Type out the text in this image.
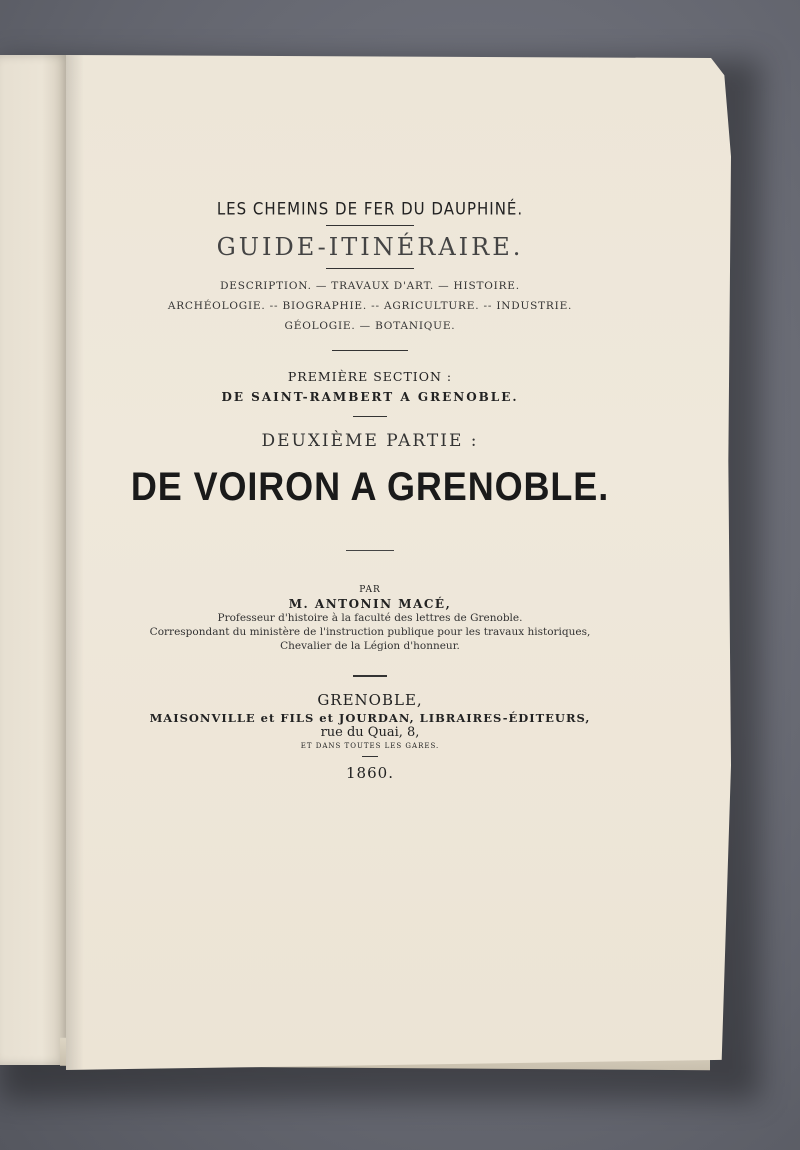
LES CHEMINS DE FER DU DAUPHINÉ.

GUIDE-ITINÉRAIRE.
DESCRIPTION. — TRAVAUX D'ART. — HISTOIRE.
ARCHÉOLOGIE. -- BIOGRAPHIE. -- AGRICULTURE. -- INDUSTRIE.
GÉOLOGIE. — BOTANIQUE.
PREMIÈRE SECTION :
DE SAINT-RAMBERT A GRENOBLE.
DEUXIÈME PARTIE :
DE VOIRON A GRENOBLE.
PAR
M. ANTONIN MACÉ,
Professeur d'histoire à la faculté des lettres de Grenoble.
Correspondant du ministère de l'instruction publique pour les travaux historiques,
Chevalier de la Légion d'honneur.
GRENOBLE,
MAISONVILLE et FILS et JOURDAN, LIBRAIRES-ÉDITEURS,
rue du Quai, 8,
ET DANS TOUTES LES GARES.
1860.
